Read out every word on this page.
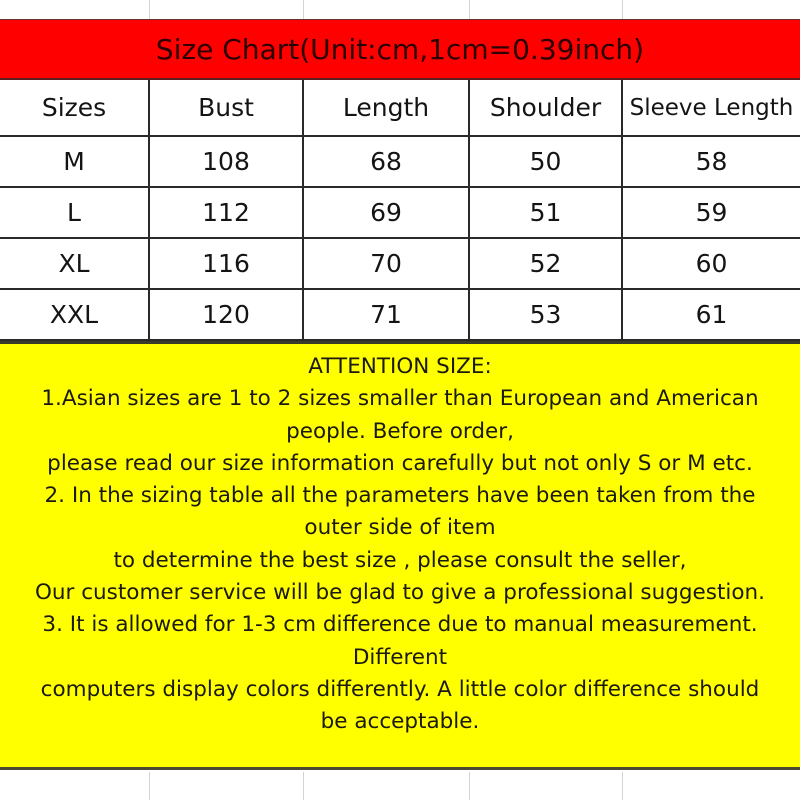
Size Chart(Unit:cm,1cm=0.39inch)
Sizes	Bust	Length	Shoulder	Sleeve Length
M	108	68	50	58
L	112	69	51	59
XL	116	70	52	60
XXL	120	71	53	61
ATTENTION SIZE:
1.Asian sizes are 1 to 2 sizes smaller than European and American
people. Before order,
please read our size information carefully but not only S or M etc.
2. In the sizing table all the parameters have been taken from the
outer side of item
to determine the best size , please consult the seller,
Our customer service will be glad to give a professional suggestion.
3. It is allowed for 1-3 cm difference due to manual measurement.
Different
computers display colors differently. A little color difference should
be acceptable.
